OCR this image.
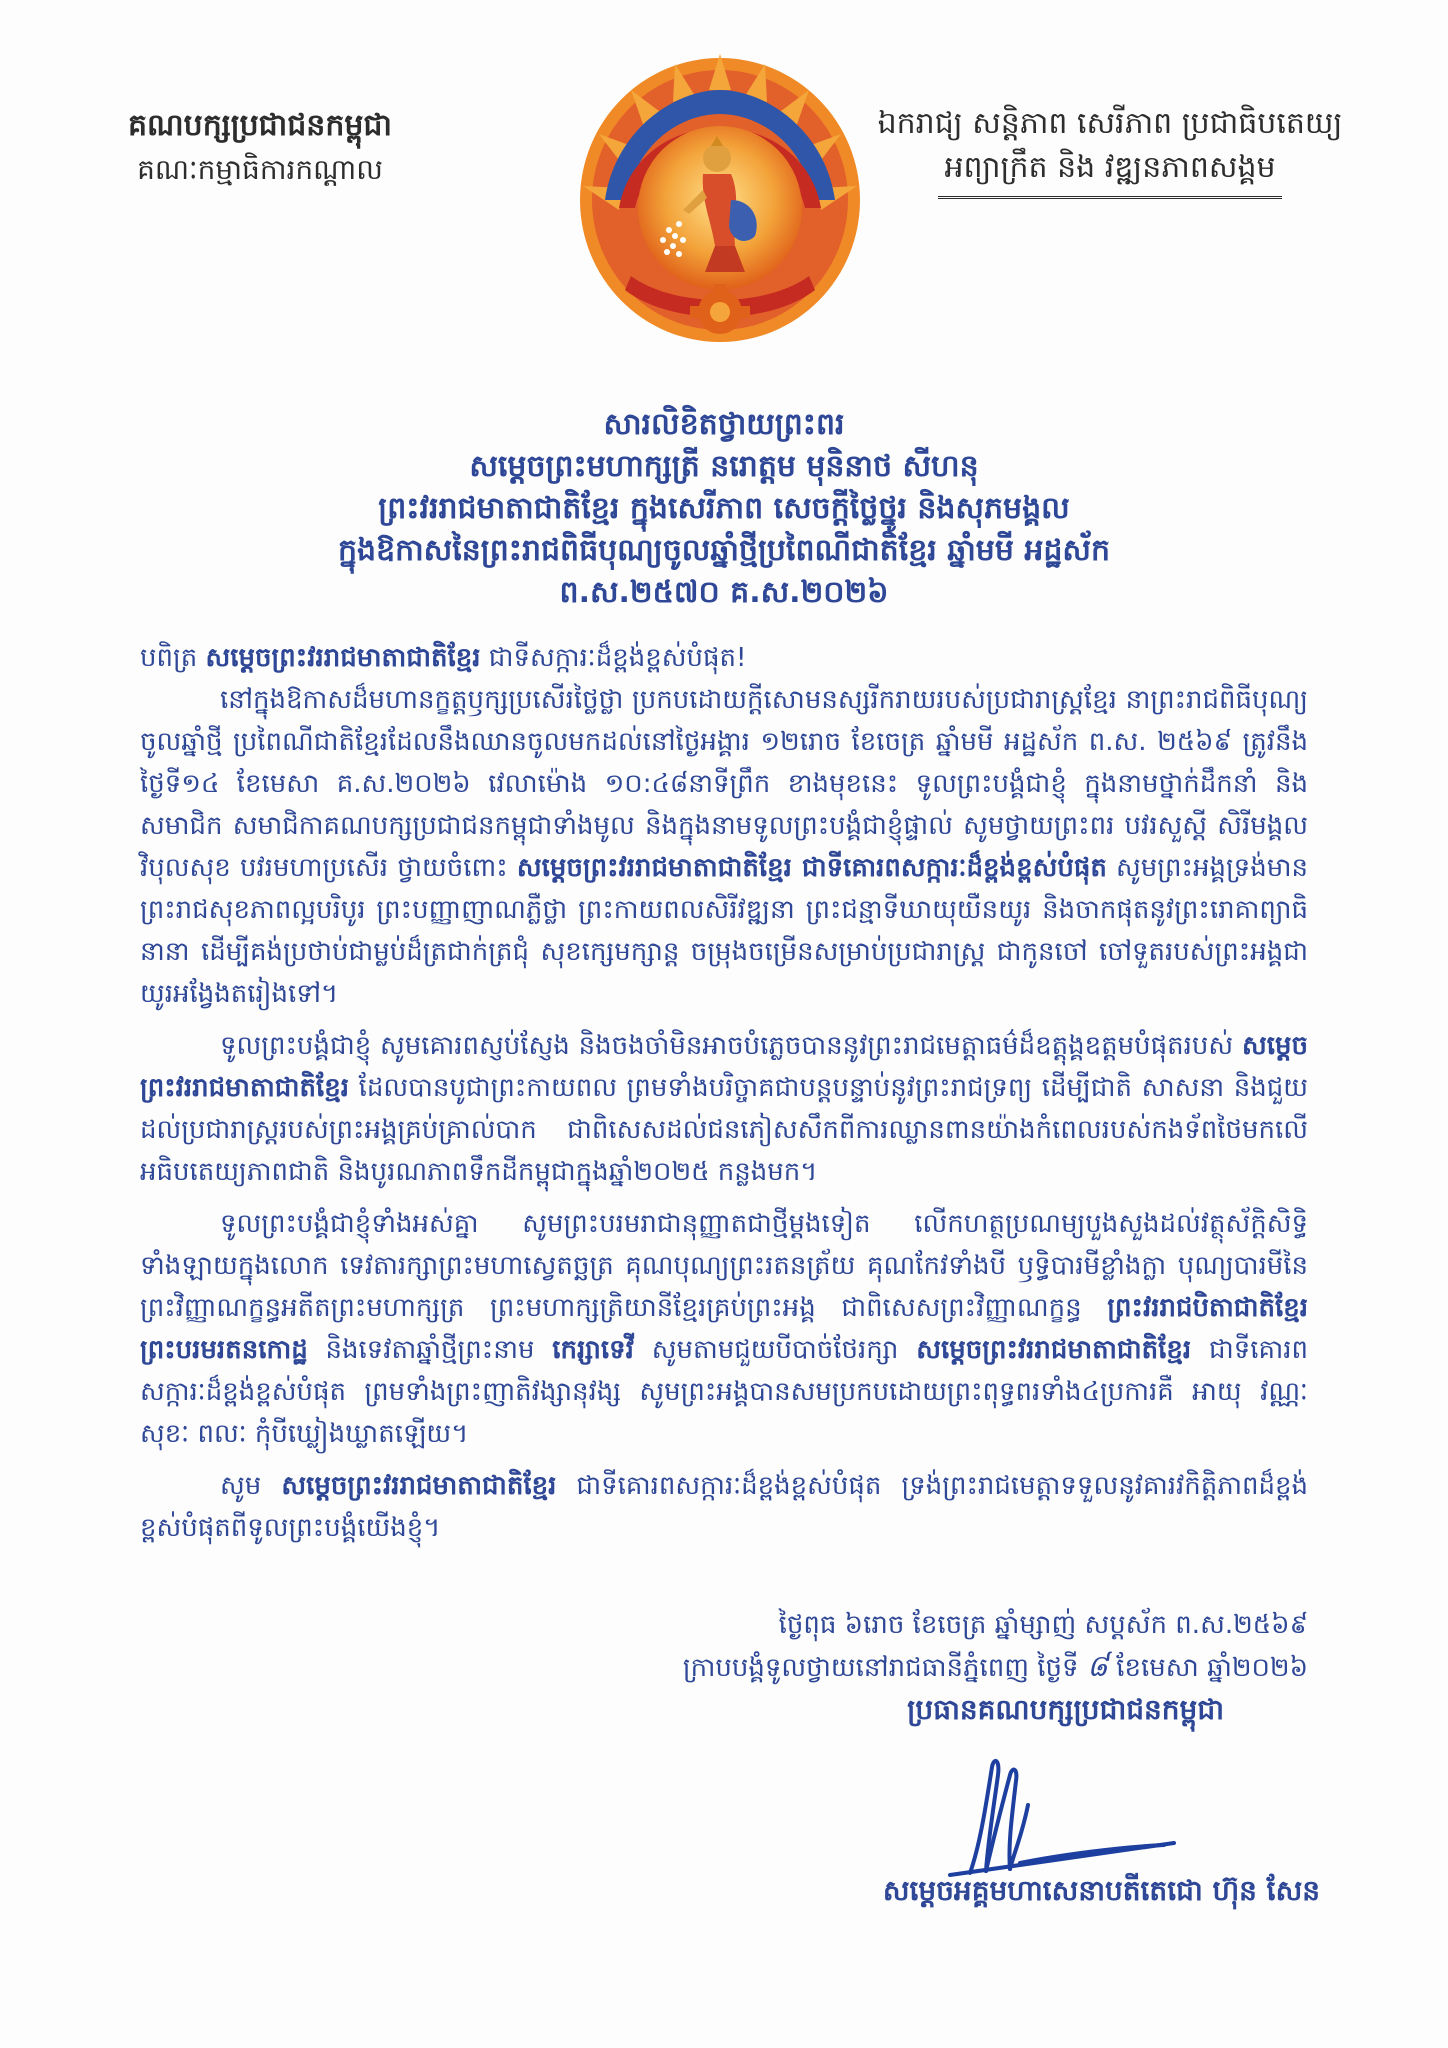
គណបក្សប្រជាជនកម្ពុជា
គណៈកម្មាធិការកណ្តាល
ឯករាជ្យ សន្តិភាព សេរីភាព ប្រជាធិបតេយ្យ
អព្យាក្រឹត និង វឌ្ឍនភាពសង្គម
សារលិខិតថ្វាយព្រះពរ
សម្តេចព្រះមហាក្សត្រី នរោត្តម មុនិនាថ សីហនុ
ព្រះវររាជមាតាជាតិខ្មែរ ក្នុងសេរីភាព សេចក្តីថ្លៃថ្នូរ និងសុភមង្គល
ក្នុងឱកាសនៃព្រះរាជពិធីបុណ្យចូលឆ្នាំថ្មីប្រពៃណីជាតិខ្មែរ ឆ្នាំមមី អដ្ឋស័ក
ព.ស.២៥៧០ គ.ស.២០២៦

បពិត្រ សម្តេចព្រះវររាជមាតាជាតិខ្មែរ ជាទីសក្ការៈដ៏ខ្ពង់ខ្ពស់បំផុត!

នៅក្នុងឱកាសដ៏មហានក្ខត្តឫក្សប្រសើរថ្លៃថ្លា ប្រកបដោយក្តីសោមនស្សរីករាយរបស់ប្រជារាស្ត្រខ្មែរ នាព្រះរាជពិធីបុណ្យចូលឆ្នាំថ្មី ប្រពៃណីជាតិខ្មែរដែលនឹងឈានចូលមកដល់នៅថ្ងៃអង្គារ ១២រោច ខែចេត្រ ឆ្នាំមមី អដ្ឋស័ក ព.ស. ២៥៦៩ ត្រូវនឹងថ្ងៃទី១៤ ខែមេសា គ.ស.២០២៦ វេលាម៉ោង ១០:៤៨នាទីព្រឹក ខាងមុខនេះ ទូលព្រះបង្គំជាខ្ញុំ ក្នុងនាមថ្នាក់ដឹកនាំ និងសមាជិក សមាជិកាគណបក្សប្រជាជនកម្ពុជាទាំងមូល និងក្នុងនាមទូលព្រះបង្គំជាខ្ញុំផ្ទាល់ សូមថ្វាយព្រះពរ បវរសួស្តី សិរីមង្គល វិបុលសុខ បវរមហាប្រសើរ ថ្វាយចំពោះ សម្តេចព្រះវររាជមាតាជាតិខ្មែរ ជាទីគោរពសក្ការៈដ៏ខ្ពង់ខ្ពស់បំផុត សូមព្រះអង្គទ្រង់មានព្រះរាជសុខភាពល្អបរិបូរ ព្រះបញ្ញាញាណភ្លឺថ្លា ព្រះកាយពលសិរីវឌ្ឍនា ព្រះជន្មាទីឃាយុយឺនយូរ និងចាកផុតនូវព្រះរោគាព្យាធិនានា ដើម្បីគង់ប្រថាប់ជាម្លប់ដ៏ត្រជាក់ត្រជុំ សុខក្សេមក្សាន្ត ចម្រុងចម្រើនសម្រាប់ប្រជារាស្ត្រ ជាកូនចៅ ចៅទួតរបស់ព្រះអង្គជាយូរអង្វែងតរៀងទៅ។

ទូលព្រះបង្គំជាខ្ញុំ សូមគោរពស្ញប់ស្ញែង និងចងចាំមិនអាចបំភ្លេចបាននូវព្រះរាជមេត្តាធម៌ដ៏ឧត្តុង្គឧត្តមបំផុតរបស់ សម្តេចព្រះវររាជមាតាជាតិខ្មែរ ដែលបានបូជាព្រះកាយពល ព្រមទាំងបរិច្ចាគជាបន្តបន្ទាប់នូវព្រះរាជទ្រព្យ ដើម្បីជាតិ សាសនា និងជួយដល់ប្រជារាស្ត្ររបស់ព្រះអង្គគ្រប់គ្រាល់បាក ជាពិសេសដល់ជនភៀសសឹកពីការឈ្លានពានយ៉ាងកំពេលរបស់កងទ័ពថៃមកលើអធិបតេយ្យភាពជាតិ និងបូរណភាពទឹកដីកម្ពុជាក្នុងឆ្នាំ២០២៥ កន្លងមក។

ទូលព្រះបង្គំជាខ្ញុំទាំងអស់គ្នា សូមព្រះបរមរាជានុញ្ញាតជាថ្មីម្តងទៀត លើកហត្ថប្រណម្យបួងសួងដល់វត្ថុស័ក្តិសិទ្ធិទាំងឡាយក្នុងលោក ទេវតារក្សាព្រះមហាស្វេតច្ឆត្រ គុណបុណ្យព្រះរតនត្រ័យ គុណកែវទាំងបី ឫទ្ធិបារមីខ្លាំងក្លា បុណ្យបារមីនៃព្រះវិញ្ញាណក្ខន្ធអតីតព្រះមហាក្សត្រ ព្រះមហាក្សត្រិយានីខ្មែរគ្រប់ព្រះអង្គ ជាពិសេសព្រះវិញ្ញាណក្ខន្ធ ព្រះវររាជបិតាជាតិខ្មែរ ព្រះបរមរតនកោដ្ឋ និងទេវតាឆ្នាំថ្មីព្រះនាម កេរ្សាទេវី សូមតាមជួយបីបាច់ថែរក្សា សម្តេចព្រះវររាជមាតាជាតិខ្មែរ ជាទីគោរពសក្ការៈដ៏ខ្ពង់ខ្ពស់បំផុត ព្រមទាំងព្រះញាតិវង្សានុវង្ស សូមព្រះអង្គបានសមប្រកបដោយព្រះពុទ្ធពរទាំង៤ប្រការគឺ អាយុ វណ្ណៈ សុខៈ ពលៈ កុំបីឃ្លៀងឃ្លាតឡើយ។

សូម សម្តេចព្រះវររាជមាតាជាតិខ្មែរ ជាទីគោរពសក្ការៈដ៏ខ្ពង់ខ្ពស់បំផុត ទ្រង់ព្រះរាជមេត្តាទទួលនូវគារវកិត្តិភាពដ៏ខ្ពង់ខ្ពស់បំផុតពីទូលព្រះបង្គំយើងខ្ញុំ។

ថ្ងៃពុធ ៦រោច ខែចេត្រ ឆ្នាំម្សាញ់ សប្តស័ក ព.ស.២៥៦៩
ក្រាបបង្គំទូលថ្វាយនៅរាជធានីភ្នំពេញ ថ្ងៃទី ៨ ខែមេសា ឆ្នាំ២០២៦
ប្រធានគណបក្សប្រជាជនកម្ពុជា
សម្តេចអគ្គមហាសេនាបតីតេជោ ហ៊ុន សែន
